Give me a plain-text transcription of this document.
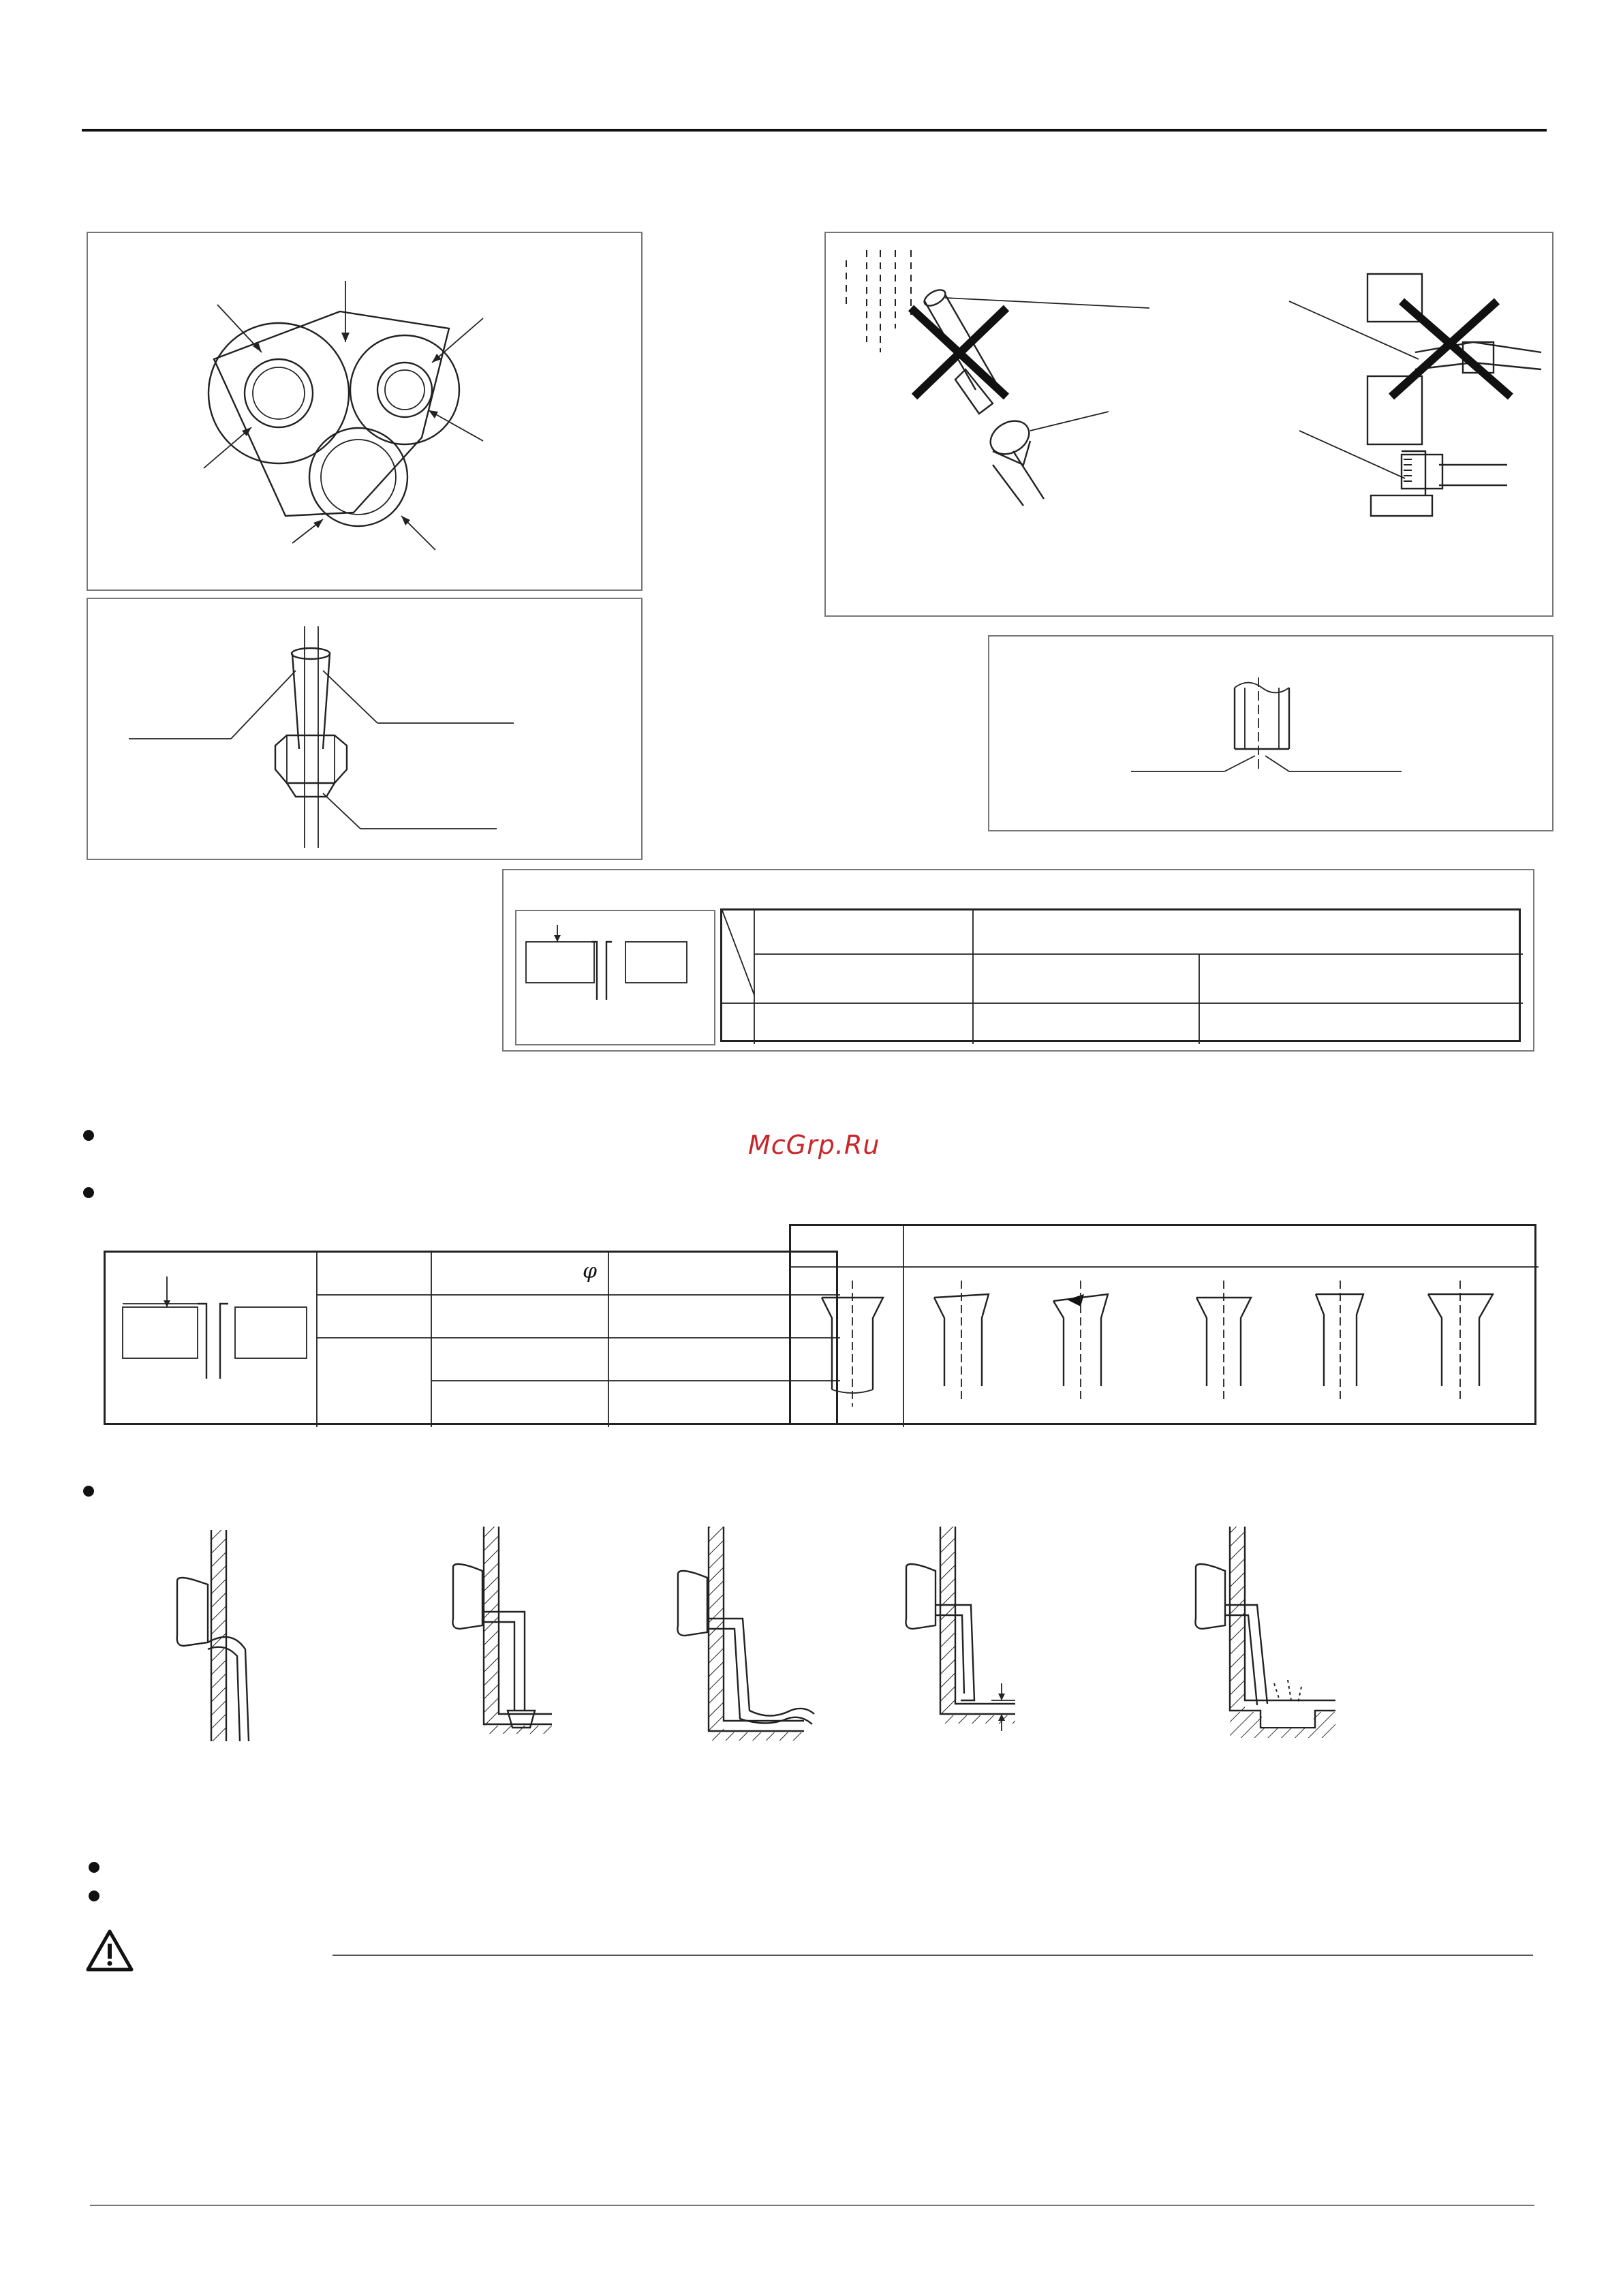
McGrp.Ru
φ
